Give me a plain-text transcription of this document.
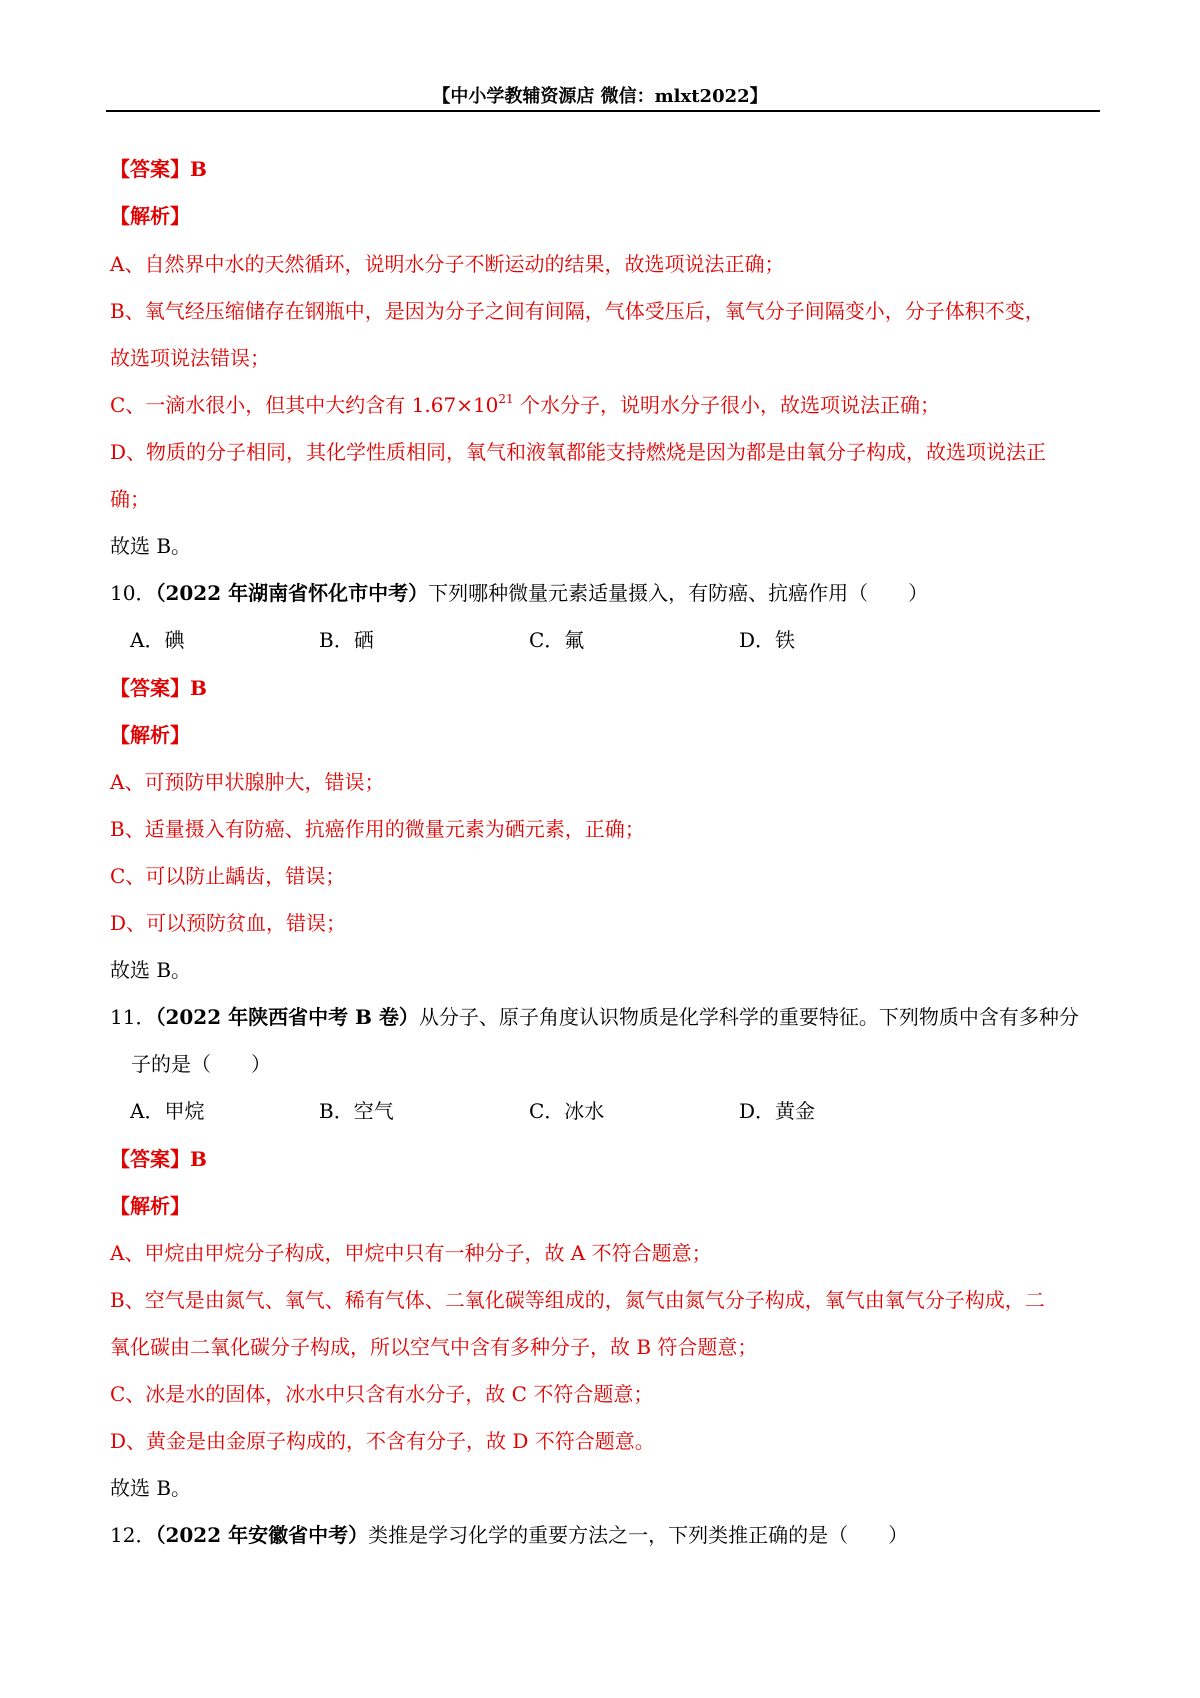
【中小学教辅资源店 微信：mlxt2022】
【答案】B
【解析】
A、自然界中水的天然循环，说明水分子不断运动的结果，故选项说法正确；
B、氧气经压缩储存在钢瓶中，是因为分子之间有间隔，气体受压后，氧气分子间隔变小，分子体积不变，
故选项说法错误；
C、一滴水很小，但其中大约含有 $1.67\times 10^{21}$ 个水分子，说明水分子很小，故选项说法正确；
D、物质的分子相同，其化学性质相同，氧气和液氧都能支持燃烧是因为都是由氧分子构成，故选项说法正
确；
故选 B。
10．（2022 年湖南省怀化市中考）下列哪种微量元素适量摄入，有防癌、抗癌作用（　　）
A．碘	B．硒	C．氟	D．铁
【答案】B
【解析】
A、可预防甲状腺肿大，错误；
B、适量摄入有防癌、抗癌作用的微量元素为硒元素，正确；
C、可以防止龋齿，错误；
D、可以预防贫血，错误；
故选 B。
11．（2022 年陕西省中考 B 卷）从分子、原子角度认识物质是化学科学的重要特征。下列物质中含有多种分
子的是（　　）
A．甲烷	B．空气	C．冰水	D．黄金
【答案】B
【解析】
A、甲烷由甲烷分子构成，甲烷中只有一种分子，故 A 不符合题意；
B、空气是由氮气、氧气、稀有气体、二氧化碳等组成的，氮气由氮气分子构成，氧气由氧气分子构成，二
氧化碳由二氧化碳分子构成，所以空气中含有多种分子，故 B 符合题意；
C、冰是水的固体，冰水中只含有水分子，故 C 不符合题意；
D、黄金是由金原子构成的，不含有分子，故 D 不符合题意。
故选 B。
12．（2022 年安徽省中考）类推是学习化学的重要方法之一，下列类推正确的是（　　）
